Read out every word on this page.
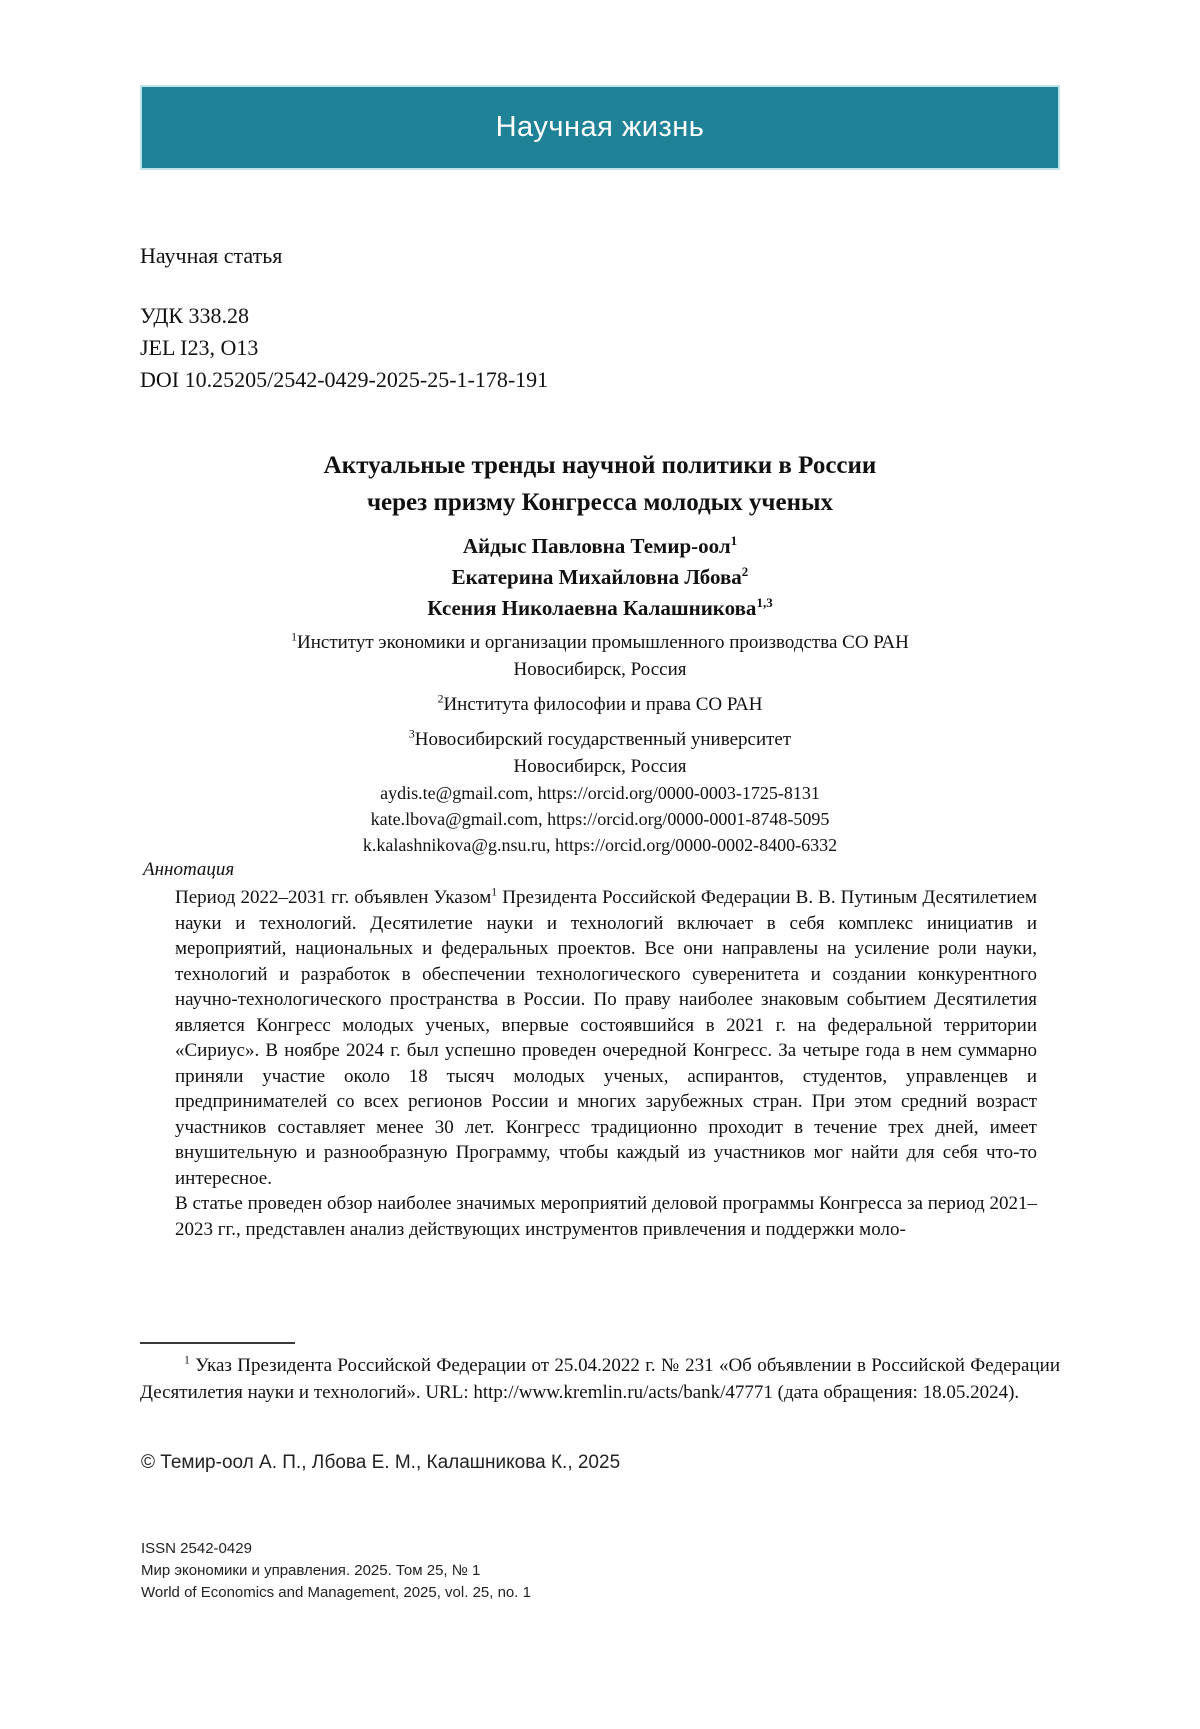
Научная жизнь
Научная статья
УДК 338.28
JEL I23, O13
DOI 10.25205/2542-0429-2025-25-1-178-191
Актуальные тренды научной политики в России
через призму Конгресса молодых ученых
Айдыс Павловна Темир-оол$^1$
Екатерина Михайловна Лбова$^2$
Ксения Николаевна Калашникова$^{1,3}$
$^1$Институт экономики и организации промышленного производства СО РАН
Новосибирск, Россия
$^2$Института философии и права СО РАН
$^3$Новосибирский государственный университет
Новосибирск, Россия
aydis.te@gmail.com, https://orcid.org/0000-0003-1725-8131
kate.lbova@gmail.com, https://orcid.org/0000-0001-8748-5095
k.kalashnikova@g.nsu.ru, https://orcid.org/0000-0002-8400-6332
Аннотация

Период 2022–2031 гг. объявлен Указом$^1$ Президента Российской Федерации В. В. Путиным Десятилетием науки и технологий. Десятилетие науки и технологий включает в себя комплекс инициатив и мероприятий, национальных и федеральных проектов. Все они направлены на усиление роли науки, технологий и разработок в обеспечении технологического суверенитета и создании конкурентного научно-технологического пространства в России. По праву наиболее знаковым событием Десятилетия является Конгресс молодых ученых, впервые состоявшийся в 2021 г. на федеральной территории «Сириус». В ноябре 2024 г. был успешно проведен очередной Конгресс. За четыре года в нем суммарно приняли участие около 18 тысяч молодых ученых, аспирантов, студентов, управленцев и предпринимателей со всех регионов России и многих зарубежных стран. При этом средний возраст участников составляет менее 30 лет. Конгресс традиционно проходит в течение трех дней, имеет внушительную и разнообразную Программу, чтобы каждый из участников мог найти для себя что-то интересное.

В статье проведен обзор наиболее значимых мероприятий деловой программы Конгресса за период 2021–2023 гг., представлен анализ действующих инструментов привлечения и поддержки моло-

$^1$ Указ Президента Российской Федерации от 25.04.2022 г. № 231 «Об объявлении в Российской Федерации Десятилетия науки и технологий». URL: http://www.kremlin.ru/acts/bank/47771 (дата обращения: 18.05.2024).
© Темир-оол А. П., Лбова Е. М., Калашникова К., 2025
ISSN 2542-0429
Мир экономики и управления. 2025. Том 25, № 1
World of Economics and Management, 2025, vol. 25, no. 1
